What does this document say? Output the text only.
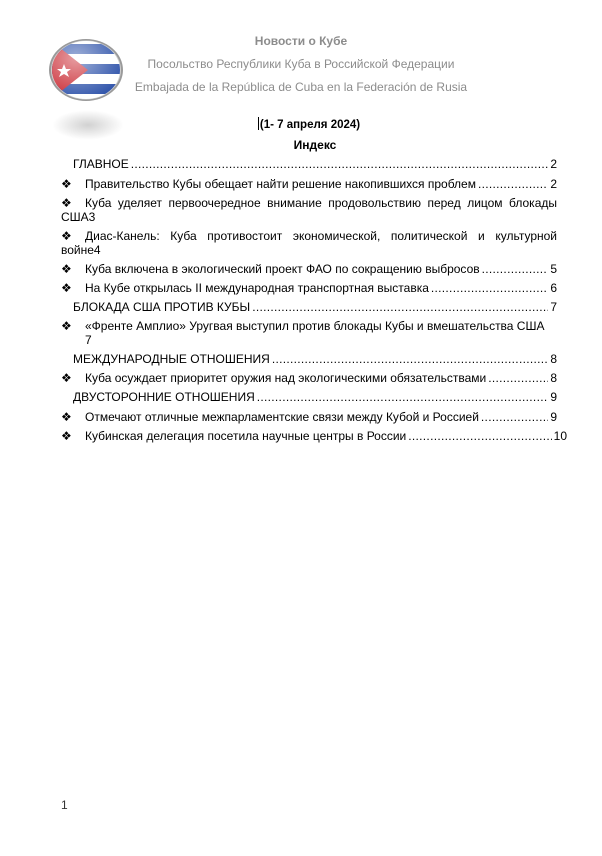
Новости о Кубе
Посольство Республики Куба в Российской Федерации
Embajada de la República de Cuba en la Federación de Rusia
(1- 7 апреля 2024)
Индекс
ГЛАВНОЕ .....	2
❖ Правительство Кубы обещает найти решение накопившихся проблем .....	2
❖	Куба уделяет первоочередное внимание продовольствию перед лицом блокады
США 3
❖	Диас-Канель: Куба противостоит экономической, политической и культурной
войне 4
❖ Куба включена в экологический проект ФАО по сокращению выбросов .....	5
❖ На Кубе открылась II международная транспортная выставка .....	6
БЛОКАДА США ПРОТИВ КУБЫ .....	7
❖	«Френте Амплио» Уругвая выступил против блокады Кубы и вмешательства США
7
МЕЖДУНАРОДНЫЕ ОТНОШЕНИЯ .....	8
❖ Куба осуждает приоритет оружия над экологическими обязательствами .....	8
ДВУСТОРОННИЕ ОТНОШЕНИЯ .....	9
❖ Отмечают отличные межпарламентские связи между Кубой и Россией .....	9
❖ Кубинская делегация посетила научные центры в России .....	10
1
